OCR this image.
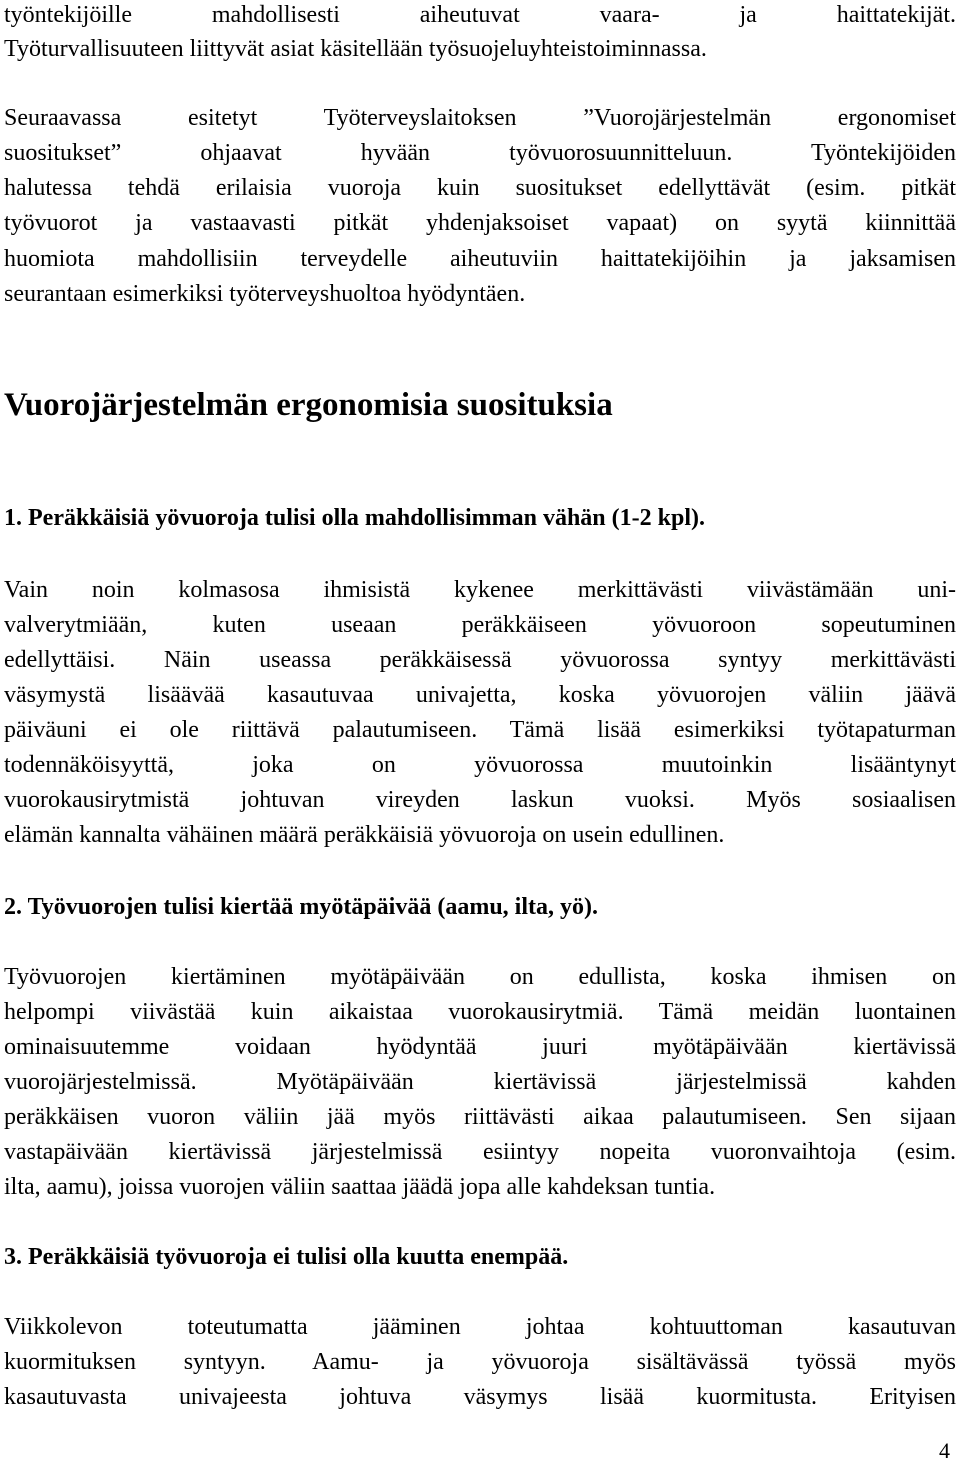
työntekijöille mahdollisesti aiheutuvat vaara- ja haittatekijät.
Työturvallisuuteen liittyvät asiat käsitellään työsuojeluyhteistoiminnassa.
Seuraavassa esitetyt Työterveyslaitoksen ”Vuorojärjestelmän ergonomiset
suositukset” ohjaavat hyvään työvuorosuunnitteluun. Työntekijöiden
halutessa tehdä erilaisia vuoroja kuin suositukset edellyttävät (esim. pitkät
työvuorot ja vastaavasti pitkät yhdenjaksoiset vapaat) on syytä kiinnittää
huomiota mahdollisiin terveydelle aiheutuviin haittatekijöihin ja jaksamisen
seurantaan esimerkiksi työterveyshuoltoa hyödyntäen.
Vuorojärjestelmän ergonomisia suosituksia
1. Peräkkäisiä yövuoroja tulisi olla mahdollisimman vähän (1-2 kpl).
Vain noin kolmasosa ihmisistä kykenee merkittävästi viivästämään uni-
valverytmiään, kuten useaan peräkkäiseen yövuoroon sopeutuminen
edellyttäisi. Näin useassa peräkkäisessä yövuorossa syntyy merkittävästi
väsymystä lisäävää kasautuvaa univajetta, koska yövuorojen väliin jäävä
päiväuni ei ole riittävä palautumiseen. Tämä lisää esimerkiksi työtapaturman
todennäköisyyttä, joka on yövuorossa muutoinkin lisääntynyt
vuorokausirytmistä johtuvan vireyden laskun vuoksi. Myös sosiaalisen
elämän kannalta vähäinen määrä peräkkäisiä yövuoroja on usein edullinen.
2. Työvuorojen tulisi kiertää myötäpäivää (aamu, ilta, yö).
Työvuorojen kiertäminen myötäpäivään on edullista, koska ihmisen on
helpompi viivästää kuin aikaistaa vuorokausirytmiä. Tämä meidän luontainen
ominaisuutemme voidaan hyödyntää juuri myötäpäivään kiertävissä
vuorojärjestelmissä. Myötäpäivään kiertävissä järjestelmissä kahden
peräkkäisen vuoron väliin jää myös riittävästi aikaa palautumiseen. Sen sijaan
vastapäivään kiertävissä järjestelmissä esiintyy nopeita vuoronvaihtoja (esim.
ilta, aamu), joissa vuorojen väliin saattaa jäädä jopa alle kahdeksan tuntia.
3. Peräkkäisiä työvuoroja ei tulisi olla kuutta enempää.
Viikkolevon toteutumatta jääminen johtaa kohtuuttoman kasautuvan
kuormituksen syntyyn. Aamu- ja yövuoroja sisältävässä työssä myös
kasautuvasta univajeesta johtuva väsymys lisää kuormitusta. Erityisen
4
